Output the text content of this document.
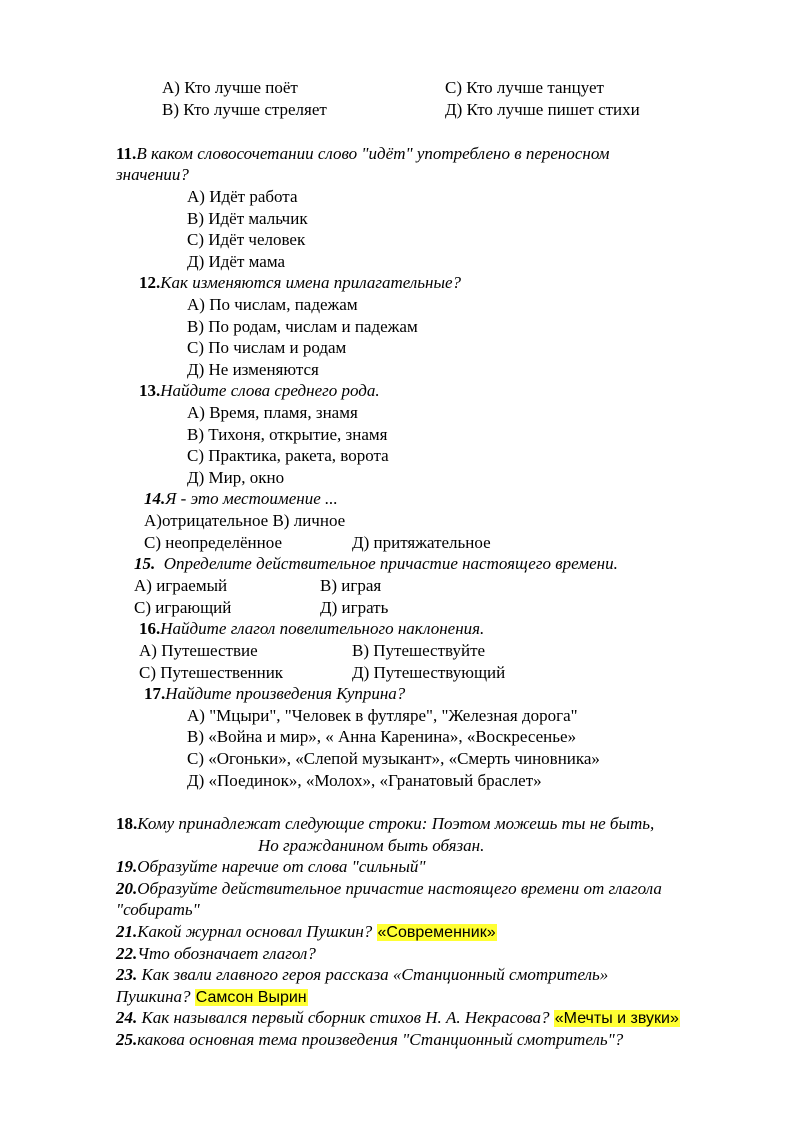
А) Кто лучше поёт	С) Кто лучше танцует
В) Кто лучше стреляет	Д) Кто лучше пишет стихи
11.В каком словосочетании слово "идёт" употреблено в переносном
значении?
А) Идёт работа
В) Идёт мальчик
С) Идёт человек
Д) Идёт мама
12.Как изменяются имена прилагательные?
А) По числам, падежам
В) По родам, числам и падежам
С) По числам и родам
Д) Не изменяются
13.Найдите слова среднего рода.
А) Время, пламя, знамя
В) Тихоня, открытие, знамя
С) Практика, ракета, ворота
Д) Мир, окно
14.Я - это местоимение ...
А)отрицательное В) личное
С) неопределённое	Д) притяжательное
15.  Определите действительное причастие настоящего времени.
А) играемый	В) играя
С) играющий	Д) играть
16.Найдите глагол повелительного наклонения.
А) Путешествие	В) Путешествуйте
С) Путешественник	Д) Путешествующий
17.Найдите произведения Куприна?
А) "Мцыри", "Человек в футляре", "Железная дорога"
В) «Война и мир», « Анна Каренина», «Воскресенье»
С) «Огоньки», «Слепой музыкант», «Смерть чиновника»
Д) «Поединок», «Молох», «Гранатовый браслет»
18.Кому принадлежат следующие строки: Поэтом можешь ты не быть,
Но гражданином быть обязан.
19.Образуйте наречие от слова "сильный"
20.Образуйте действительное причастие настоящего времени от глагола
"собирать"
21.Какой журнал основал Пушкин? «Современник»
22.Что обозначает глагол?
23. Как звали главного героя рассказа «Станционный смотритель»
Пушкина? Самсон Вырин
24. Как назывался первый сборник стихов Н. А. Некрасова? «Мечты и звуки»
25.какова основная тема произведения "Станционный смотритель"?
